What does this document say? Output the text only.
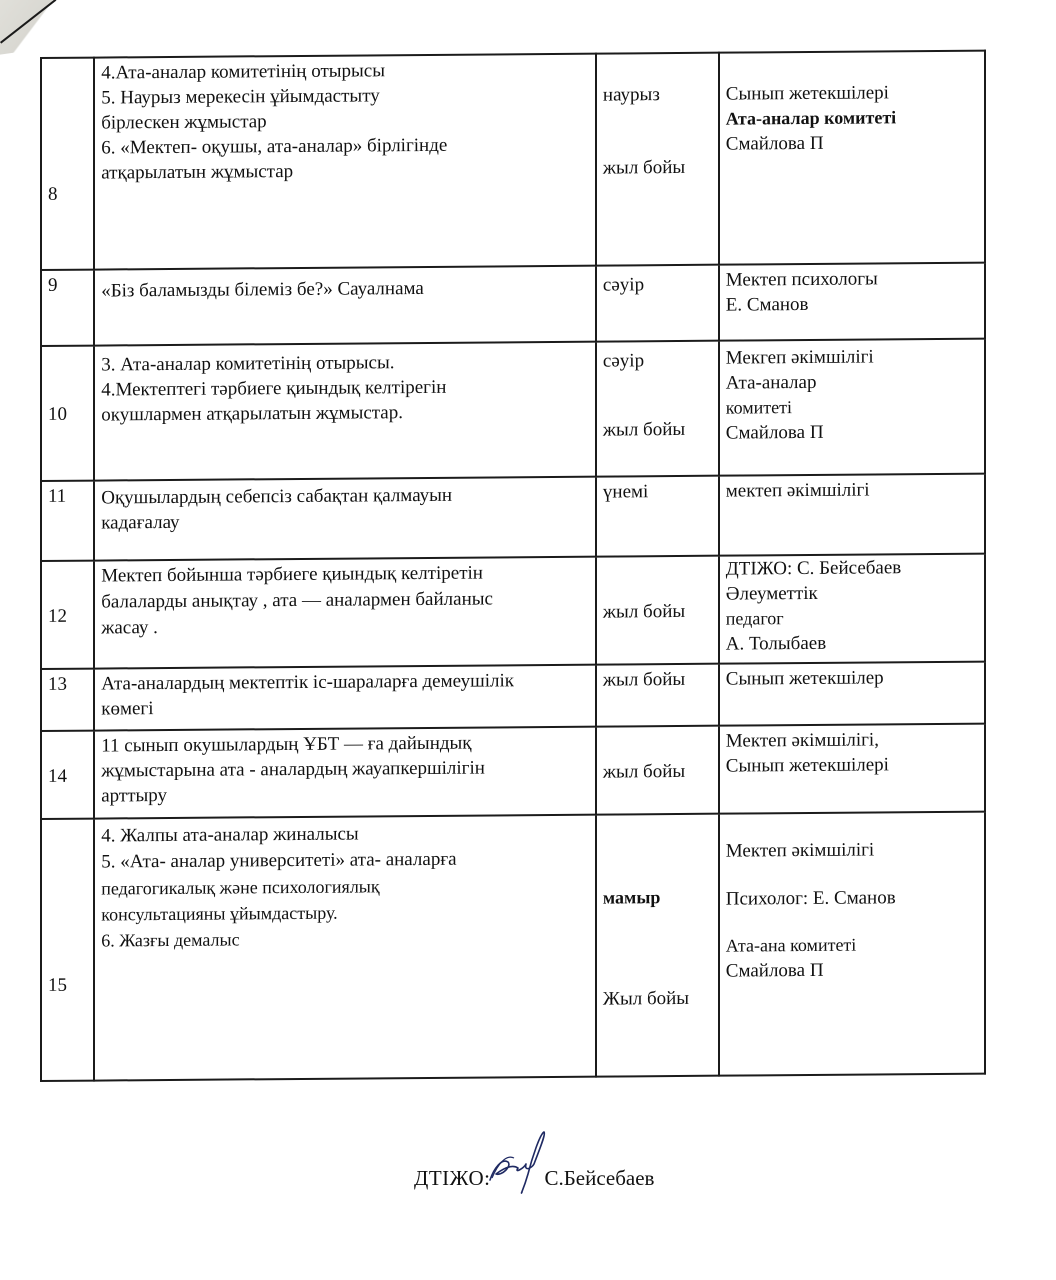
8	4.Ата-аналар комитетінің отырысы
5. Наурыз мерекесін ұйымдастыту
бірлескен жұмыстар
6. «Мектеп- оқушы, ата-аналар» бірлігінде
атқарылатын жұмыстар	наурыз
жыл бойы	Сынып жетекшілері
Ата-аналар комитеті
Смайлова П

9	«Біз баламызды білеміз бе?» Сауалнама	сәуір	Мектеп психологы
Е. Сманов

10	3. Ата-аналар комитетінің отырысы.
4.Мектептегі тәрбиеге қиындық келтірегін
окушлармен атқарылатын жұмыстар.	сәуір
жыл бойы	Мекгеп әкімшілігі
Ата-аналар
комитеті
Смайлова П

11	Оқушылардың себепсіз сабақтан қалмауын
кадағалау	үнемі	мектеп әкімшілігі

12	Мектеп бойынша тәрбиеге қиындық келтіретін
балаларды анықтау , ата — аналармен байланыс
жасау .	жыл бойы	ДТІЖО: С. Бейсебаев
Әлеуметтік
педагог
А. Толыбаев

13	Ата-аналардың мектептік іс-шараларға демеушілік
көмегі	жыл бойы	Сынып жетекшілер

14	11 сынып окушылардың ҰБТ — ға дайындық
жұмыстарына ата - аналардың жауапкершілігін
арттыру	жыл бойы	Мектеп әкімшілігі,
Сынып жетекшілері

15	4. Жалпы ата-аналар жиналысы
5. «Ата- аналар университеті» ата- аналарға
педагогикалық және психологиялық
консультацияны ұйымдастыру.
6. Жазғы демалыс	мамыр
Жыл бойы	Мектеп әкімшілігі
Психолог: Е. Сманов
Ата-ана комитеті
Смайлова П
ДТІЖО:	С.Бейсебаев
